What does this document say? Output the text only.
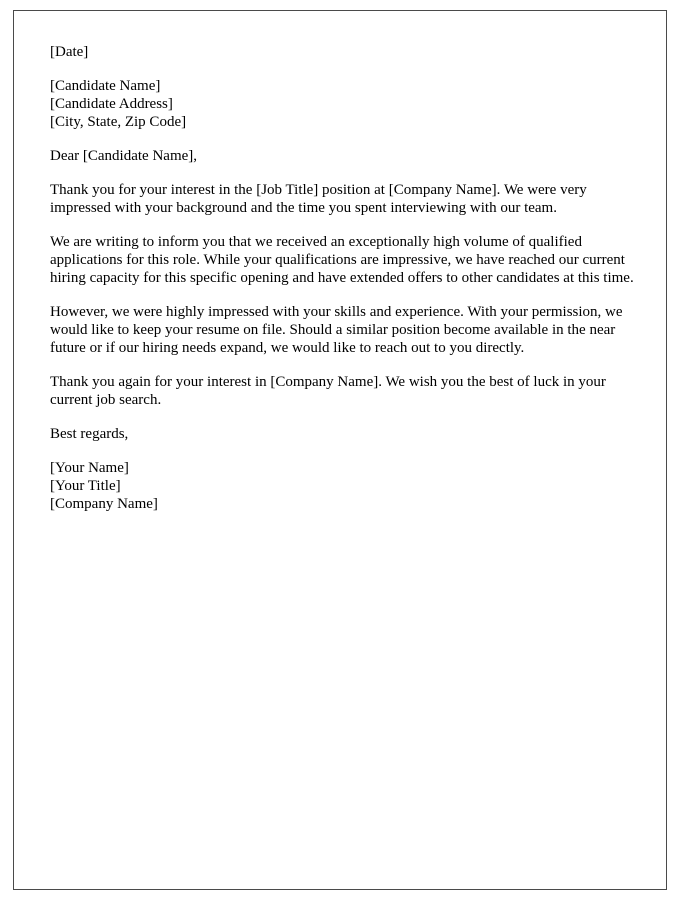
[Date]
[Candidate Name]
[Candidate Address]
[City, State, Zip Code]
Dear [Candidate Name],

Thank you for your interest in the [Job Title] position at [Company Name]. We were very impressed with your background and the time you spent interviewing with our team.

We are writing to inform you that we received an exceptionally high volume of qualified applications for this role. While your qualifications are impressive, we have reached our current hiring capacity for this specific opening and have extended offers to other candidates at this time.

However, we were highly impressed with your skills and experience. With your permission, we would like to keep your resume on file. Should a similar position become available in the near future or if our hiring needs expand, we would like to reach out to you directly.

Thank you again for your interest in [Company Name]. We wish you the best of luck in your current job search.

Best regards,
[Your Name]
[Your Title]
[Company Name]
